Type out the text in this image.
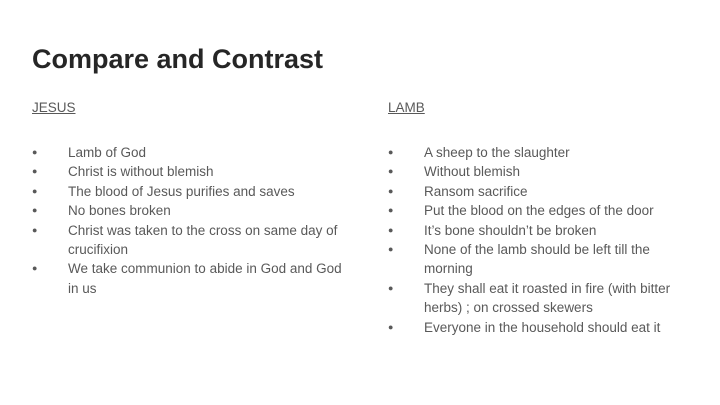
Compare and Contrast
JESUS
● Lamb of God
● Christ is without blemish
● The blood of Jesus purifies and saves
● No bones broken
● Christ was taken to the cross on same day of crucifixion
● We take communion to abide in God and God in us
LAMB
● A sheep to the slaughter
● Without blemish
● Ransom sacrifice
● Put the blood on the edges of the door
● It’s bone shouldn’t be broken
● None of the lamb should be left till the morning
● They shall eat it roasted in fire (with bitter herbs) ; on crossed skewers
● Everyone in the household should eat it
